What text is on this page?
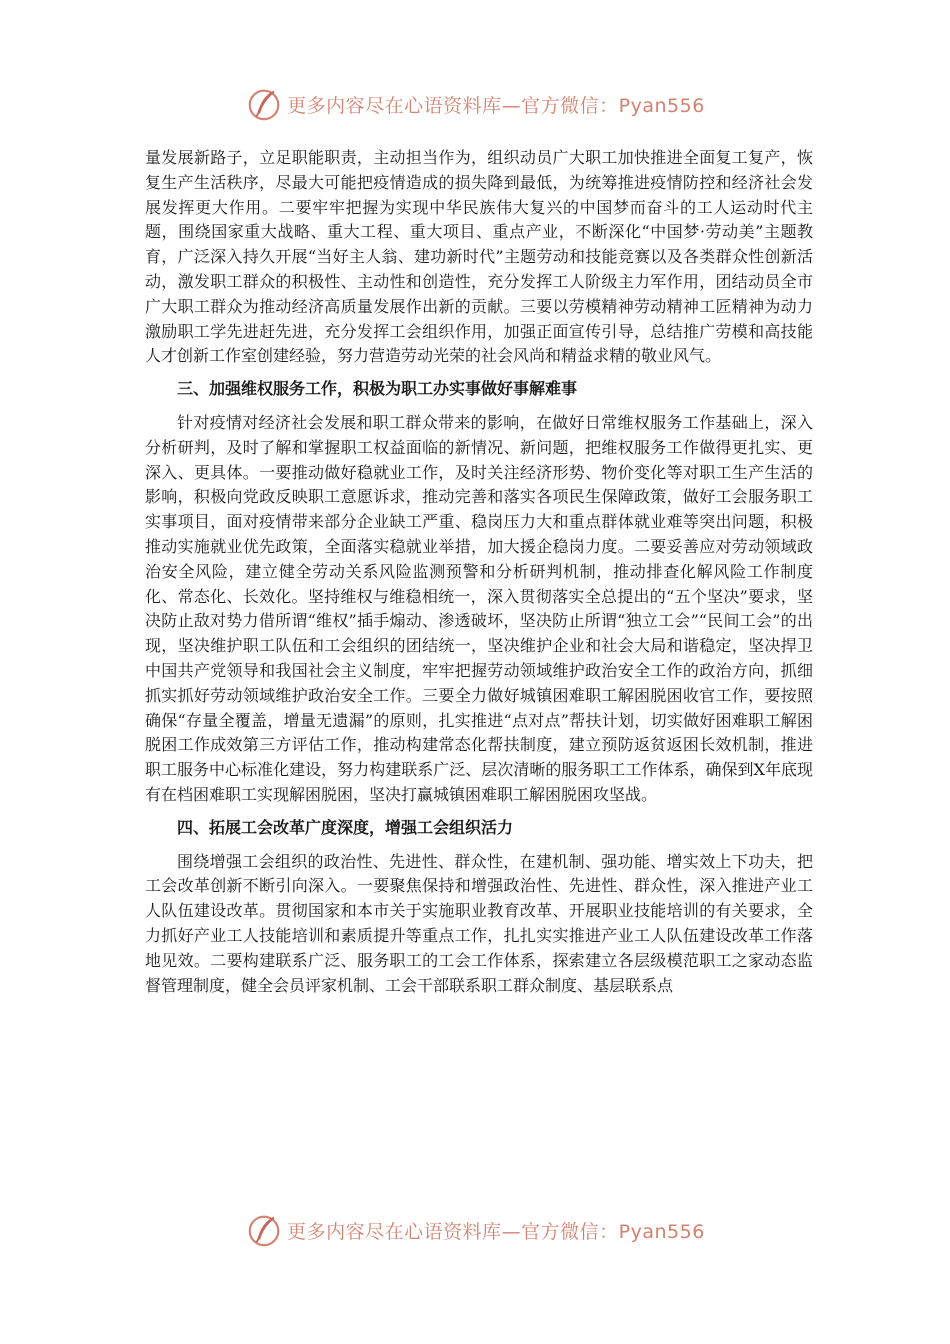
更多内容尽在心语资料库—官方微信：Pyan556

量发展新路子，立足职能职责，主动担当作为，组织动员广大职工加快推进全面复工复产，恢复生产生活秩序，尽最大可能把疫情造成的损失降到最低，为统筹推进疫情防控和经济社会发展发挥更大作用。二要牢牢把握为实现中华民族伟大复兴的中国梦而奋斗的工人运动时代主题，围绕国家重大战略、重大工程、重大项目、重点产业，不断深化“中国梦·劳动美”主题教育，广泛深入持久开展“当好主人翁、建功新时代”主题劳动和技能竞赛以及各类群众性创新活动，激发职工群众的积极性、主动性和创造性，充分发挥工人阶级主力军作用，团结动员全市广大职工群众为推动经济高质量发展作出新的贡献。三要以劳模精神劳动精神工匠精神为动力激励职工学先进赶先进，充分发挥工会组织作用，加强正面宣传引导，总结推广劳模和高技能人才创新工作室创建经验，努力营造劳动光荣的社会风尚和精益求精的敬业风气。

三、加强维权服务工作，积极为职工办实事做好事解难事

针对疫情对经济社会发展和职工群众带来的影响，在做好日常维权服务工作基础上，深入分析研判，及时了解和掌握职工权益面临的新情况、新问题，把维权服务工作做得更扎实、更深入、更具体。一要推动做好稳就业工作，及时关注经济形势、物价变化等对职工生产生活的影响，积极向党政反映职工意愿诉求，推动完善和落实各项民生保障政策，做好工会服务职工实事项目，面对疫情带来部分企业缺工严重、稳岗压力大和重点群体就业难等突出问题，积极推动实施就业优先政策，全面落实稳就业举措，加大援企稳岗力度。二要妥善应对劳动领域政治安全风险，建立健全劳动关系风险监测预警和分析研判机制，推动排查化解风险工作制度化、常态化、长效化。坚持维权与维稳相统一，深入贯彻落实全总提出的“五个坚决”要求，坚决防止敌对势力借所谓“维权”插手煽动、渗透破坏，坚决防止所谓“独立工会”“民间工会”的出现，坚决维护职工队伍和工会组织的团结统一，坚决维护企业和社会大局和谐稳定，坚决捍卫中国共产党领导和我国社会主义制度，牢牢把握劳动领域维护政治安全工作的政治方向，抓细抓实抓好劳动领域维护政治安全工作。三要全力做好城镇困难职工解困脱困收官工作，要按照确保“存量全覆盖，增量无遗漏”的原则，扎实推进“点对点”帮扶计划，切实做好困难职工解困脱困工作成效第三方评估工作，推动构建常态化帮扶制度，建立预防返贫返困长效机制，推进职工服务中心标准化建设，努力构建联系广泛、层次清晰的服务职工工作体系，确保到X年底现有在档困难职工实现解困脱困，坚决打赢城镇困难职工解困脱困攻坚战。

四、拓展工会改革广度深度，增强工会组织活力

围绕增强工会组织的政治性、先进性、群众性，在建机制、强功能、增实效上下功夫，把工会改革创新不断引向深入。一要聚焦保持和增强政治性、先进性、群众性，深入推进产业工人队伍建设改革。贯彻国家和本市关于实施职业教育改革、开展职业技能培训的有关要求，全力抓好产业工人技能培训和素质提升等重点工作，扎扎实实推进产业工人队伍建设改革工作落地见效。二要构建联系广泛、服务职工的工会工作体系，探索建立各层级模范职工之家动态监督管理制度，健全会员评家机制、工会干部联系职工群众制度、基层联系点

更多内容尽在心语资料库—官方微信：Pyan556
